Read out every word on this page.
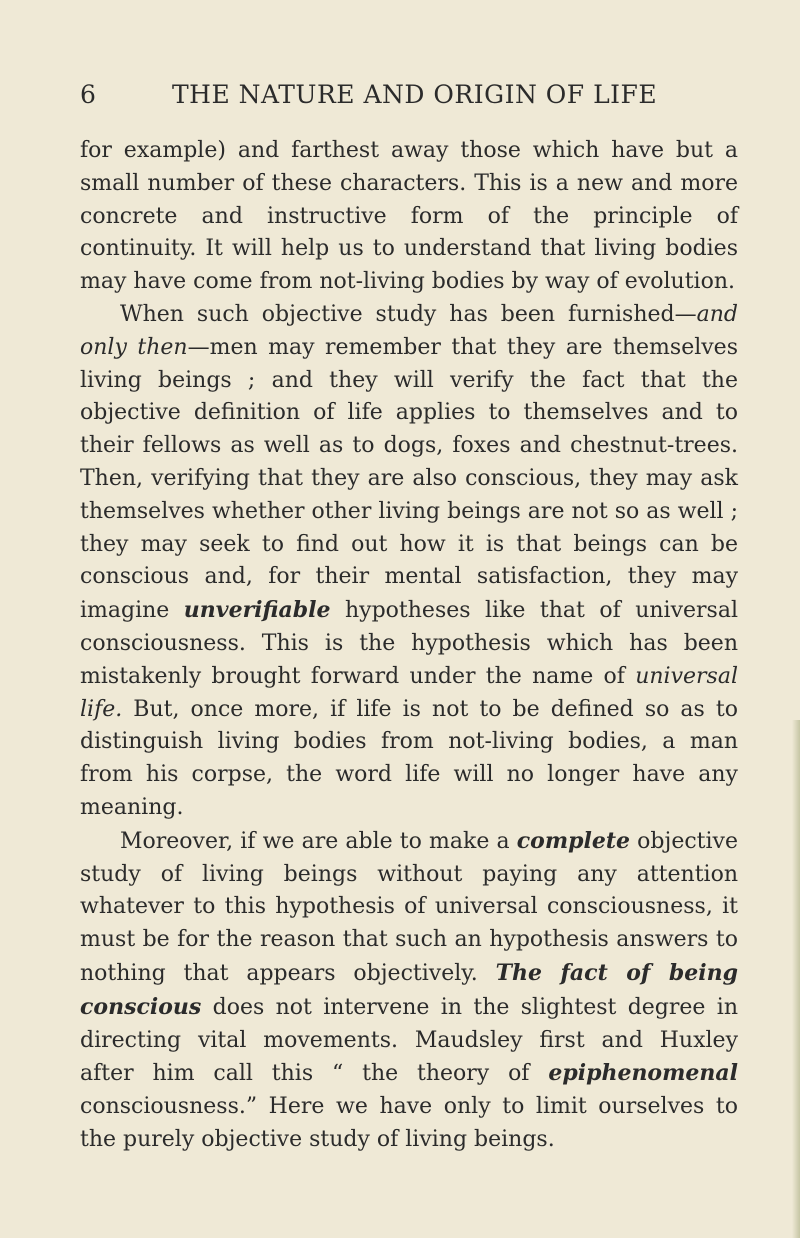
6	THE NATURE AND ORIGIN OF LIFE

for example) and farthest away those which have but a small number of these characters. This is a new and more concrete and instructive form of the principle of continuity. It will help us to understand that living bodies may have come from not-living bodies by way of evolution.

When such objective study has been furnished—and only then—men may remember that they are themselves living beings ; and they will verify the fact that the objective definition of life applies to themselves and to their fellows as well as to dogs, foxes and chestnut-trees. Then, verifying that they are also conscious, they may ask themselves whether other living beings are not so as well ; they may seek to find out how it is that beings can be conscious and, for their mental satisfaction, they may imagine unverifiable hypotheses like that of universal consciousness. This is the hypothesis which has been mistakenly brought forward under the name of universal life. But, once more, if life is not to be defined so as to distinguish living bodies from not-living bodies, a man from his corpse, the word life will no longer have any meaning.

Moreover, if we are able to make a complete objective study of living beings without paying any attention whatever to this hypothesis of universal consciousness, it must be for the reason that such an hypothesis answers to nothing that appears objectively. The fact of being conscious does not intervene in the slightest degree in directing vital movements. Maudsley first and Huxley after him call this “ the theory of epiphenomenal consciousness.” Here we have only to limit ourselves to the purely objective study of living beings.
